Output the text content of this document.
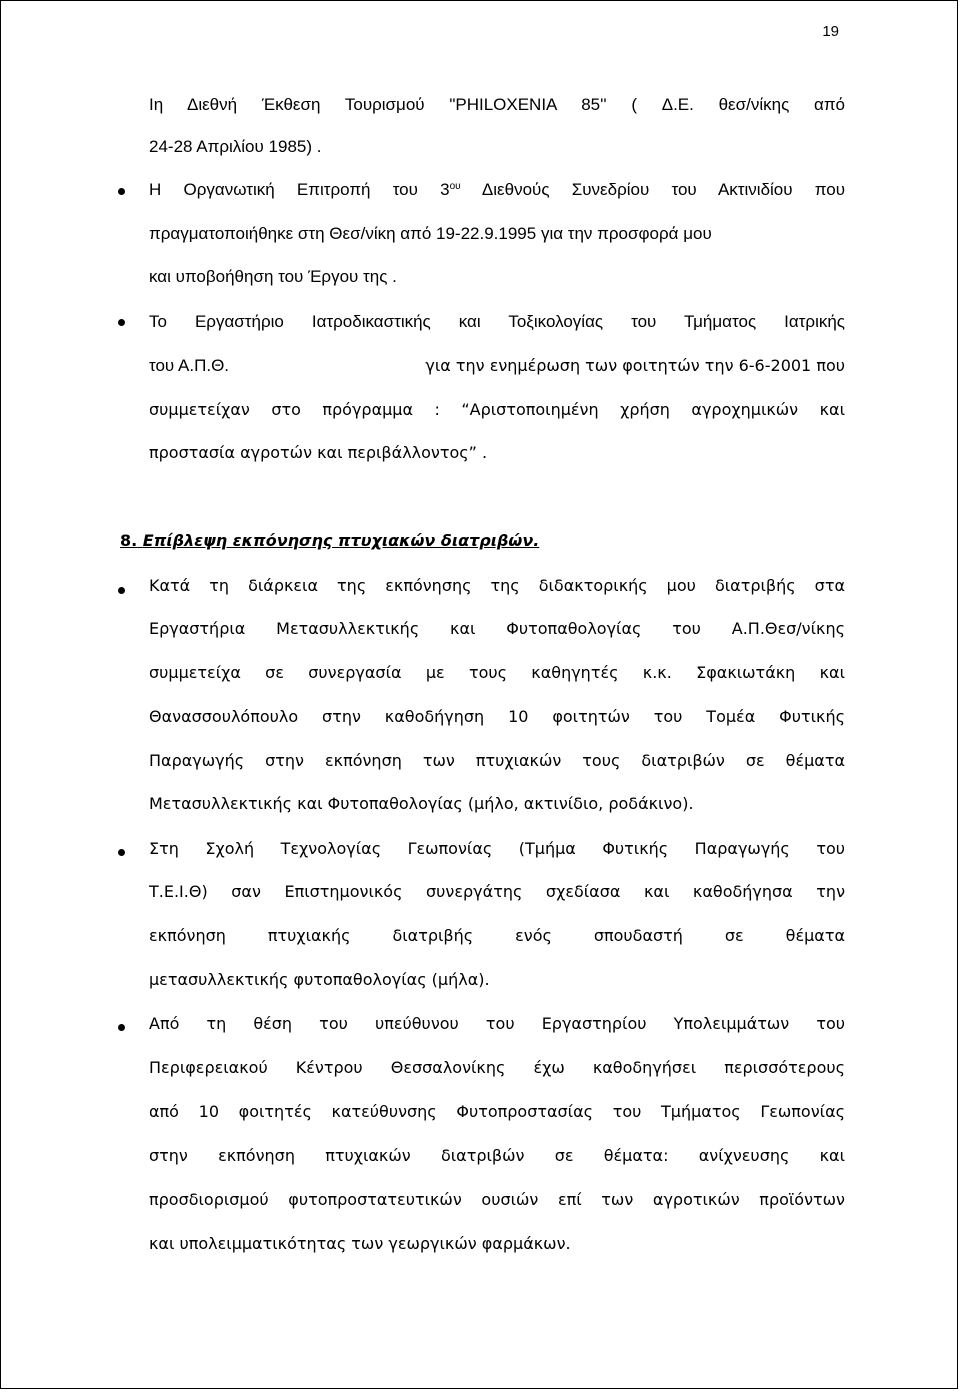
19
Ιη Διεθνή Έκθεση Τουρισμού "PHILOXENIA 85'' ( Δ.Ε. θεσ/νίκης από
24-28 Απριλίου 1985) .
Η Οργανωτική Επιτροπή του $3^{o\upsilon}$ Διεθνούς Συνεδρίου του Ακτινιδίου που
πραγματοποιήθηκε στη Θεσ/νίκη από 19-22.9.1995 για την προσφορά μου
και υποβοήθηση του Έργου της .
Το Εργαστήριο Ιατροδικαστικής και Τοξικολογίας του Τμήματος Ιατρικής
του Α.Π.Θ.	για την ενημέρωση των φοιτητών την 6-6-2001 που
συμμετείχαν στο πρόγραμμα : “Αριστοποιημένη χρήση αγροχημικών και
προστασία αγροτών και περιβάλλοντος” .
8. Επίβλεψη εκπόνησης πτυχιακών διατριβών.
Κατά τη διάρκεια της εκπόνησης της διδακτορικής μου διατριβής στα
Εργαστήρια Μετασυλλεκτικής και Φυτοπαθολογίας του Α.Π.Θεσ/νίκης
συμμετείχα σε συνεργασία με τους καθηγητές κ.κ. Σφακιωτάκη και
Θανασσουλόπουλο στην καθοδήγηση 10 φοιτητών του Τομέα Φυτικής
Παραγωγής στην εκπόνηση των πτυχιακών τους διατριβών σε θέματα
Μετασυλλεκτικής και Φυτοπαθολογίας (μήλο, ακτινίδιο, ροδάκινο).
Στη Σχολή Τεχνολογίας Γεωπονίας (Τμήμα Φυτικής Παραγωγής του
Τ.Ε.Ι.Θ) σαν Επιστημονικός συνεργάτης σχεδίασα και καθοδήγησα την
εκπόνηση πτυχιακής διατριβής ενός σπουδαστή σε θέματα
μετασυλλεκτικής φυτοπαθολογίας (μήλα).
Από τη θέση του υπεύθυνου του Εργαστηρίου Υπολειμμάτων του
Περιφερειακού Κέντρου Θεσσαλονίκης έχω καθοδηγήσει περισσότερους
από 10 φοιτητές κατεύθυνσης Φυτοπροστασίας του Τμήματος Γεωπονίας
στην εκπόνηση πτυχιακών διατριβών σε θέματα: ανίχνευσης και
προσδιορισμού φυτοπροστατευτικών ουσιών επί των αγροτικών προϊόντων
και υπολειμματικότητας των γεωργικών φαρμάκων.
